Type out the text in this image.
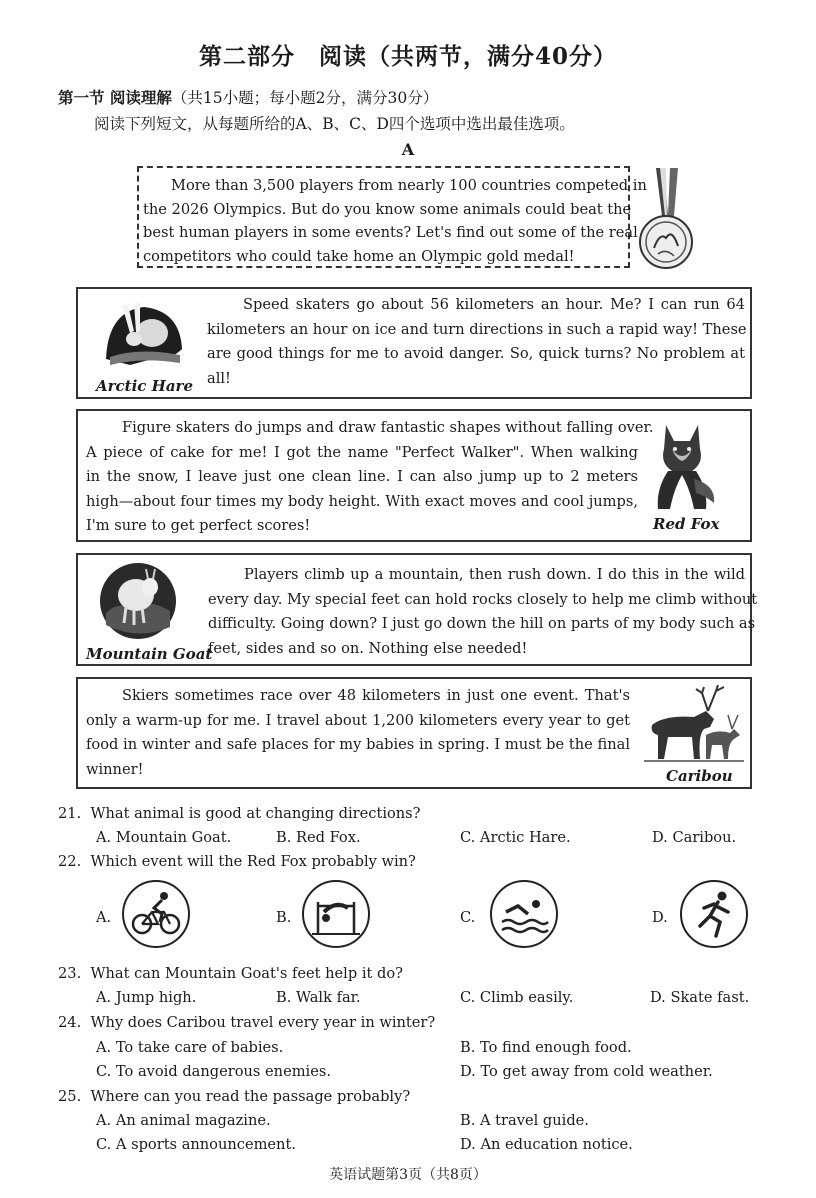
第二部分　阅读（共两节，满分40分）
第一节 阅读理解（共15小题；每小题2分，满分30分）
阅读下列短文，从每题所给的A、B、C、D四个选项中选出最佳选项。
A
More than 3,500 players from nearly 100 countries competed in
the 2026 Olympics. But do you know some animals could beat the
best human players in some events? Let's find out some of the real
competitors who could take home an Olympic gold medal!
Arctic Hare
Speed skaters go about 56 kilometers an hour. Me? I can run 64
kilometers an hour on ice and turn directions in such a rapid way! These
are good things for me to avoid danger. So, quick turns? No problem at
all!
Figure skaters do jumps and draw fantastic shapes without falling over.
A piece of cake for me! I got the name "Perfect Walker". When walking
in the snow, I leave just one clean line. I can also jump up to 2 meters
high—about four times my body height. With exact moves and cool jumps,
I'm sure to get perfect scores!	Red Fox
Mountain Goat
Players climb up a mountain, then rush down. I do this in the wild
every day. My special feet can hold rocks closely to help me climb without
difficulty. Going down? I just go down the hill on parts of my body such as
feet, sides and so on. Nothing else needed!
Skiers sometimes race over 48 kilometers in just one event. That's
only a warm-up for me. I travel about 1,200 kilometers every year to get
food in winter and safe places for my babies in spring. I must be the final
winner!	Caribou
21. What animal is good at changing directions?
A. Mountain Goat.	B. Red Fox.	C. Arctic Hare.	D. Caribou.
22. Which event will the Red Fox probably win?
A.	B.	C.	D.
23. What can Mountain Goat's feet help it do?
A. Jump high.	B. Walk far.	C. Climb easily.	D. Skate fast.
24. Why does Caribou travel every year in winter?
A. To take care of babies.	B. To find enough food.
C. To avoid dangerous enemies.	D. To get away from cold weather.
25. Where can you read the passage probably?
A. An animal magazine.	B. A travel guide.
C. A sports announcement.	D. An education notice.
英语试题第3页（共8页）
